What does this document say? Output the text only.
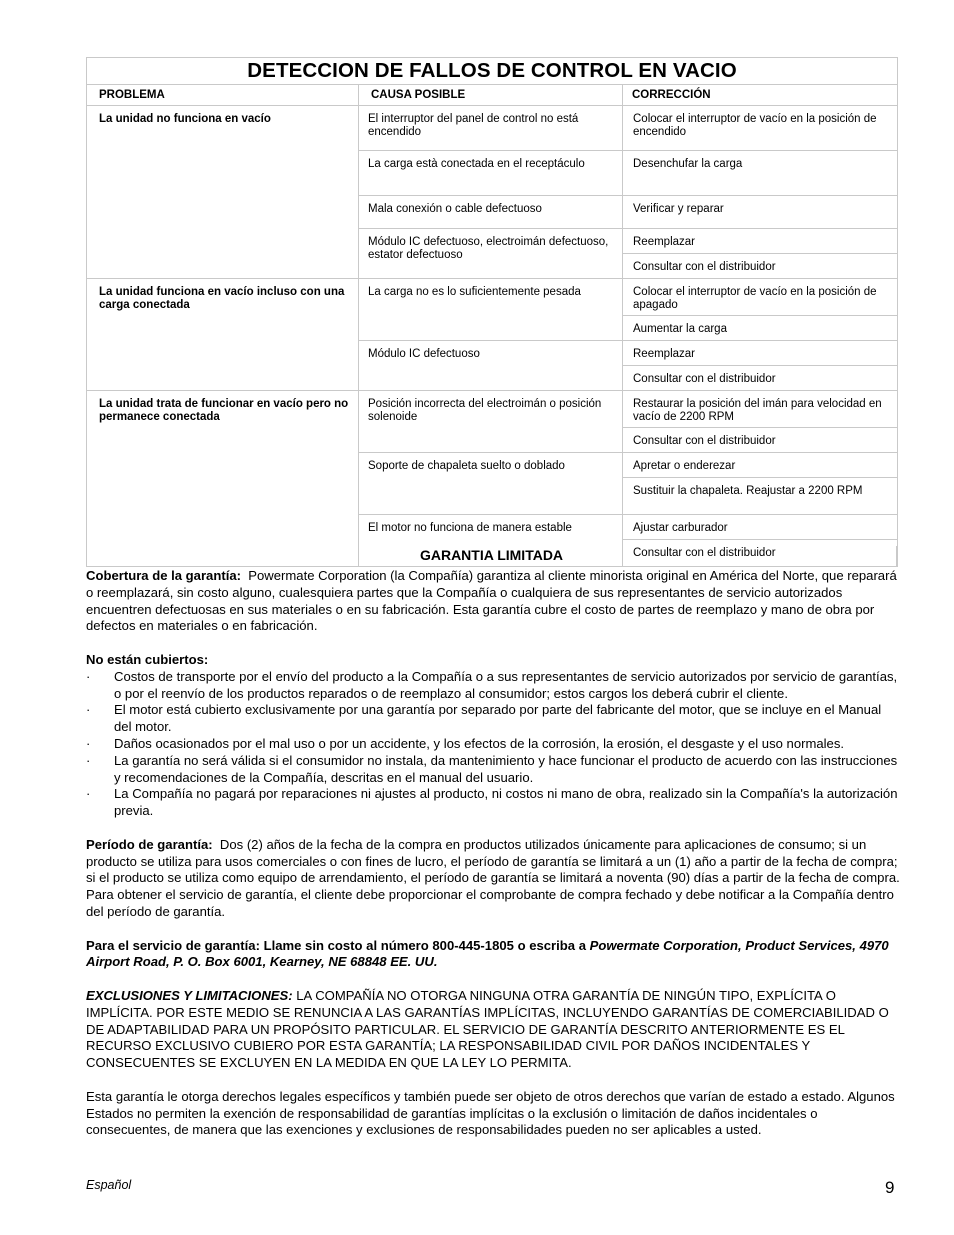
DETECCION DE FALLOS DE CONTROL EN VACIO		
PROBLEMA	CAUSA POSIBLE	CORRECCIÓN
La unidad no funciona en vacío	El interruptor del panel de control no está encendido	Colocar el interruptor de vacío en la posición de encendido
	La carga està conectada en el receptáculo	Desenchufar la carga
	Mala conexión o cable defectuoso	Verificar y reparar
	Módulo IC defectuoso, electroimán defectuoso, estator defectuoso	Reemplazar
		Consultar con el distribuidor
La unidad funciona en vacío incluso con una carga conectada	La carga no es lo suficientemente pesada	Colocar el interruptor de vacío en la posición de apagado
		Aumentar la carga
	Módulo IC defectuoso	Reemplazar
		Consultar con el distribuidor
La unidad trata de funcionar en vacío pero no permanece conectada	Posición incorrecta del electroimán o posición solenoide	Restaurar la posición del imán para velocidad en vacío de 2200 RPM
		Consultar con el distribuidor
	Soporte de chapaleta suelto o doblado	Apretar o enderezar
		Sustituir la chapaleta. Reajustar a 2200 RPM
	El motor no funciona de manera estable	Ajustar carburador
		Consultar con el distribuidor
GARANTIA LIMITADA

Cobertura de la garantía: Powermate Corporation (la Compañía) garantiza al cliente minorista original en América del Norte, que reparará o reemplazará, sin costo alguno, cualesquiera partes que la Compañía o cualquiera de sus representantes de servicio autorizados encuentren defectuosas en sus materiales o en su fabricación. Esta garantía cubre el costo de partes de reemplazo y mano de obra por defectos en materiales o en fabricación.

No están cubiertos:

· Costos de transporte por el envío del producto a la Compañía o a sus representantes de servicio autorizados por servicio de garantías, o por el reenvío de los productos reparados o de reemplazo al consumidor; estos cargos los deberá cubrir el cliente.
· El motor está cubierto exclusivamente por una garantía por separado por parte del fabricante del motor, que se incluye en el Manual del motor.
· Daños ocasionados por el mal uso o por un accidente, y los efectos de la corrosión, la erosión, el desgaste y el uso normales.
· La garantía no será válida si el consumidor no instala, da mantenimiento y hace funcionar el producto de acuerdo con las instrucciones y recomendaciones de la Compañía, descritas en el manual del usuario.
· La Compañía no pagará por reparaciones ni ajustes al producto, ni costos ni mano de obra, realizado sin la Compañía's la autorización previa.

Período de garantía: Dos (2) años de la fecha de la compra en productos utilizados únicamente para aplicaciones de consumo; si un producto se utiliza para usos comerciales o con fines de lucro, el período de garantía se limitará a un (1) año a partir de la fecha de compra; si el producto se utiliza como equipo de arrendamiento, el período de garantía se limitará a noventa (90) días a partir de la fecha de compra. Para obtener el servicio de garantía, el cliente debe proporcionar el comprobante de compra fechado y debe notificar a la Compañía dentro del período de garantía.

Para el servicio de garantía: Llame sin costo al número 800-445-1805 o escriba a Powermate Corporation, Product Services, 4970 Airport Road, P. O. Box 6001, Kearney, NE 68848 EE. UU.

EXCLUSIONES Y LIMITACIONES: LA COMPAÑÍA NO OTORGA NINGUNA OTRA GARANTÍA DE NINGÚN TIPO, EXPLÍCITA O IMPLÍCITA. POR ESTE MEDIO SE RENUNCIA A LAS GARANTÍAS IMPLÍCITAS, INCLUYENDO GARANTÍAS DE COMERCIABILIDAD O DE ADAPTABILIDAD PARA UN PROPÓSITO PARTICULAR. EL SERVICIO DE GARANTÍA DESCRITO ANTERIORMENTE ES EL RECURSO EXCLUSIVO CUBIERO POR ESTA GARANTÍA; LA RESPONSABILIDAD CIVIL POR DAÑOS INCIDENTALES Y CONSECUENTES SE EXCLUYEN EN LA MEDIDA EN QUE LA LEY LO PERMITA.

Esta garantía le otorga derechos legales específicos y también puede ser objeto de otros derechos que varían de estado a estado. Algunos Estados no permiten la exención de responsabilidad de garantías implícitas o la exclusión o limitación de daños incidentales o consecuentes, de manera que las exenciones y exclusiones de responsabilidades pueden no ser aplicables a usted.

Español	9
